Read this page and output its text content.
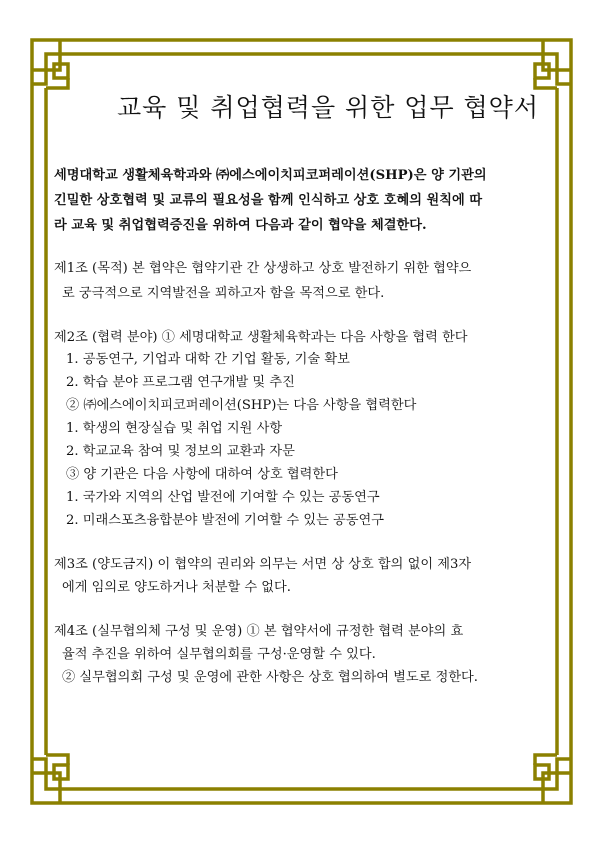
교육 및 취업협력을 위한 업무 협약서
세명대학교 생활체육학과와 ㈜에스에이치피코퍼레이션(SHP)은 양 기관의
긴밀한 상호협력 및 교류의 필요성을 함께 인식하고 상호 호혜의 원칙에 따
라 교육 및 취업협력증진을 위하여 다음과 같이 협약을 체결한다.
제1조 (목적) 본 협약은 협약기관 간 상생하고 상호 발전하기 위한 협약으
로 궁극적으로 지역발전을 꾀하고자 함을 목적으로 한다.
제2조 (협력 분야) ① 세명대학교 생활체육학과는 다음 사항을 협력 한다
1. 공동연구, 기업과 대학 간 기업 활동, 기술 확보
2. 학습 분야 프로그램 연구개발 및 추진
② ㈜에스에이치피코퍼레이션(SHP)는 다음 사항을 협력한다
1. 학생의 현장실습 및 취업 지원 사항
2. 학교교육 참여 및 정보의 교환과 자문
③ 양 기관은 다음 사항에 대하여 상호 협력한다
1. 국가와 지역의 산업 발전에 기여할 수 있는 공동연구
2. 미래스포츠융합분야 발전에 기여할 수 있는 공동연구
제3조 (양도금지) 이 협약의 권리와 의무는 서면 상 상호 합의 없이 제3자
에게 임의로 양도하거나 처분할 수 없다.
제4조 (실무협의체 구성 및 운영) ① 본 협약서에 규정한 협력 분야의 효
율적 추진을 위하여 실무협의회를 구성·운영할 수 있다.
② 실무협의회 구성 및 운영에 관한 사항은 상호 협의하여 별도로 정한다.
